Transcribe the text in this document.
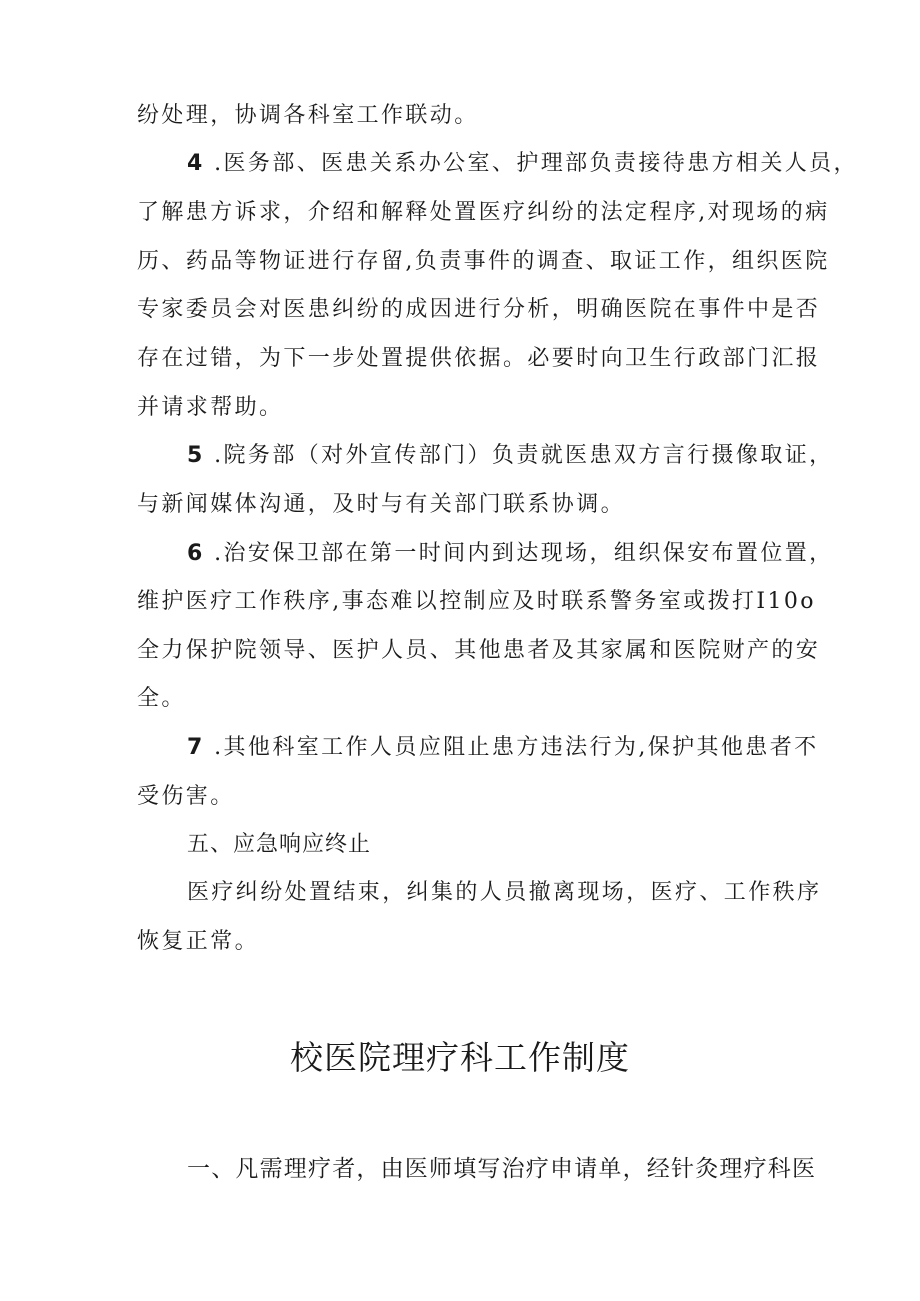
纷处理，协调各科室工作联动。
4 .医务部、医患关系办公室、护理部负责接待患方相关人员，
了解患方诉求，介绍和解释处置医疗纠纷的法定程序,对现场的病
历、药品等物证进行存留,负责事件的调查、取证工作，组织医院
专家委员会对医患纠纷的成因进行分析，明确医院在事件中是否
存在过错，为下一步处置提供依据。必要时向卫生行政部门汇报
并请求帮助。
5 .院务部（对外宣传部门）负责就医患双方言行摄像取证，
与新闻媒体沟通，及时与有关部门联系协调。
6 .治安保卫部在第一时间内到达现场，组织保安布置位置，
维护医疗工作秩序,事态难以控制应及时联系警务室或拨打I10o
全力保护院领导、医护人员、其他患者及其家属和医院财产的安
全。
7 .其他科室工作人员应阻止患方违法行为,保护其他患者不
受伤害。
五、应急响应终止
医疗纠纷处置结束，纠集的人员撤离现场，医疗、工作秩序
恢复正常。
校医院理疗科工作制度
一、凡需理疗者，由医师填写治疗申请单，经针灸理疗科医
